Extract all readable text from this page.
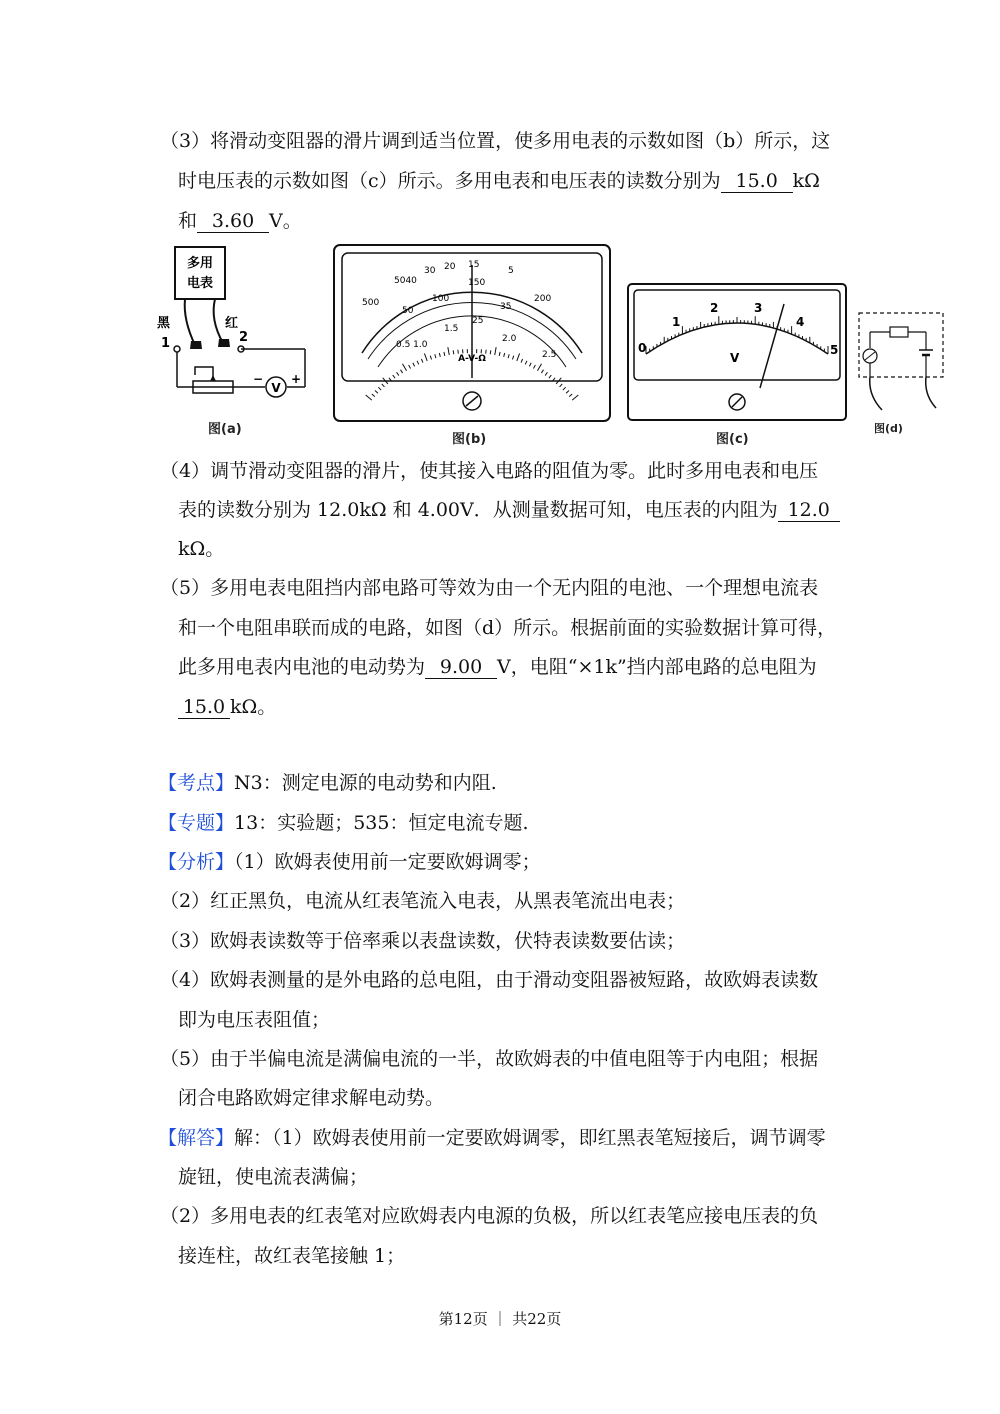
（3）将滑动变阻器的滑片调到适当位置，使多用电表的示数如图（b）所示，这
时电压表的示数如图（c）所示。多用电表和电压表的读数分别为 15.0 kΩ
和 3.60 V。
多用
电表
黑
1
红
2
V
− +
图(a)
500
5040
30 20 15
5
150
200
50
100
35
25
1.5
2.0
0.5 1.0
2.5
A-V-Ω
图(b)
0
1
2	3
4
5
V
图(c)
图(d)
（4）调节滑动变阻器的滑片，使其接入电路的阻值为零。此时多用电表和电压
表的读数分别为 12.0kΩ 和 4.00V．从测量数据可知，电压表的内阻为 12.0
kΩ。
（5）多用电表电阻挡内部电路可等效为由一个无内阻的电池、一个理想电流表
和一个电阻串联而成的电路，如图（d）所示。根据前面的实验数据计算可得，
此多用电表内电池的电动势为 9.00 V，电阻“×1k”挡内部电路的总电阻为
15.0 kΩ。
【考点】N3：测定电源的电动势和内阻.
【专题】13：实验题；535：恒定电流专题.
【分析】（1）欧姆表使用前一定要欧姆调零；
（2）红正黑负，电流从红表笔流入电表，从黑表笔流出电表；
（3）欧姆表读数等于倍率乘以表盘读数，伏特表读数要估读；
（4）欧姆表测量的是外电路的总电阻，由于滑动变阻器被短路，故欧姆表读数
即为电压表阻值；
（5）由于半偏电流是满偏电流的一半，故欧姆表的中值电阻等于内电阻；根据
闭合电路欧姆定律求解电动势。
【解答】解：（1）欧姆表使用前一定要欧姆调零，即红黑表笔短接后，调节调零
旋钮，使电流表满偏；
（2）多用电表的红表笔对应欧姆表内电源的负极，所以红表笔应接电压表的负
接连柱，故红表笔接触 1；
第12页 ｜ 共22页
